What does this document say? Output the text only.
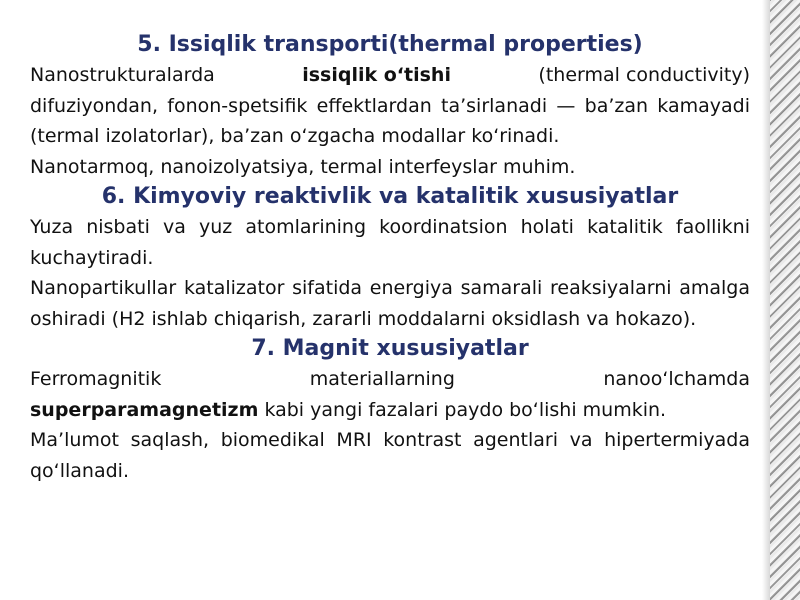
5. Issiqlik transporti(thermal properties)
Nanostrukturalarda	issiqlik o‘tishi	(thermal conductivity)

difuziyondan, fonon-spetsifik effektlardan ta’sirlanadi — ba’zan kamayadi (termal izolatorlar), ba’zan o‘zgacha modallar ko‘rinadi.

Nanotarmoq, nanoizolyatsiya, termal interfeyslar muhim.

6. Kimyoviy reaktivlik va katalitik xususiyatlar

Yuza nisbati va yuz atomlarining koordinatsion holati katalitik faollikni kuchaytiradi.

Nanopartikullar katalizator sifatida energiya samarali reaksiyalarni amalga oshiradi (H2 ishlab chiqarish, zararli moddalarni oksidlash va hokazo).

7. Magnit xususiyatlar
Ferromagnitik	materiallarning	nanoo‘lchamda

superparamagnetizm kabi yangi fazalari paydo bo‘lishi mumkin.

Ma’lumot saqlash, biomedikal MRI kontrast agentlari va hipertermiyada qo‘llanadi.
